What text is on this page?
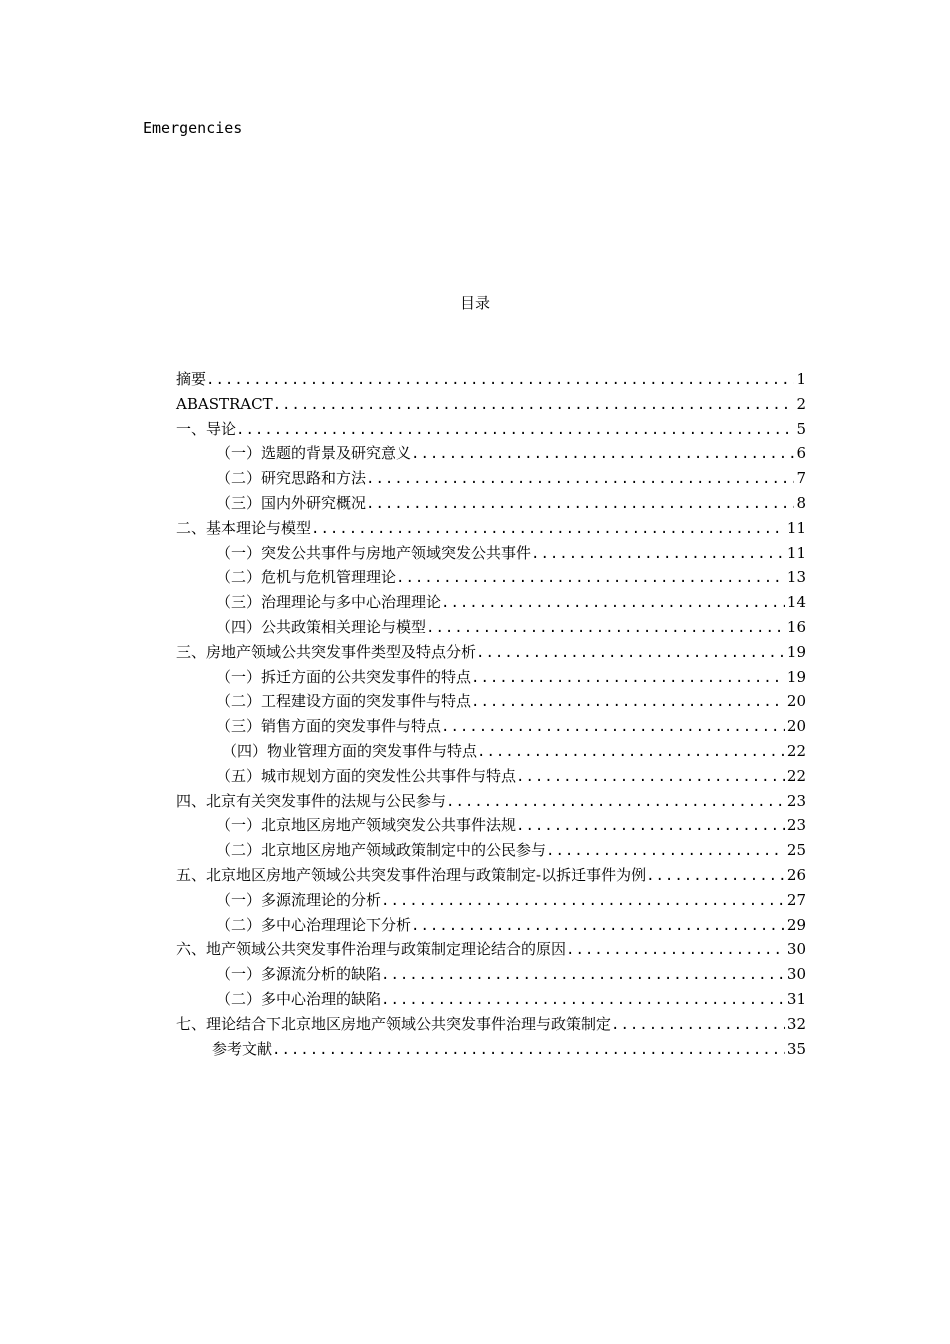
Emergencies
目录
摘要 .....	1
ABASTRACT .....	2
一、导论 .....	5
（一）选题的背景及研究意义 .....	6
（二）研究思路和方法 .....	7
（三）国内外研究概况 .....	8
二、基本理论与模型 .....	11
（一）突发公共事件与房地产领域突发公共事件 .....	11
（二）危机与危机管理理论 .....	13
（三）治理理论与多中心治理理论 .....	14
（四）公共政策相关理论与模型 .....	16
三、房地产领域公共突发事件类型及特点分析 .....	19
（一）拆迁方面的公共突发事件的特点 .....	19
（二）工程建设方面的突发事件与特点 .....	20
（三）销售方面的突发事件与特点 .....	20
（四）物业管理方面的突发事件与特点 .....	22
（五）城市规划方面的突发性公共事件与特点 .....	22
四、北京有关突发事件的法规与公民参与 .....	23
（一）北京地区房地产领域突发公共事件法规 .....	23
（二）北京地区房地产领域政策制定中的公民参与 .....	25
五、北京地区房地产领域公共突发事件治理与政策制定-以拆迁事件为例 .....	26
（一）多源流理论的分析 .....	27
（二）多中心治理理论下分析 .....	29
六、地产领域公共突发事件治理与政策制定理论结合的原因 .....	30
（一）多源流分析的缺陷 .....	30
（二）多中心治理的缺陷 .....	31
七、理论结合下北京地区房地产领域公共突发事件治理与政策制定 .....	32
参考文献 .....	35
